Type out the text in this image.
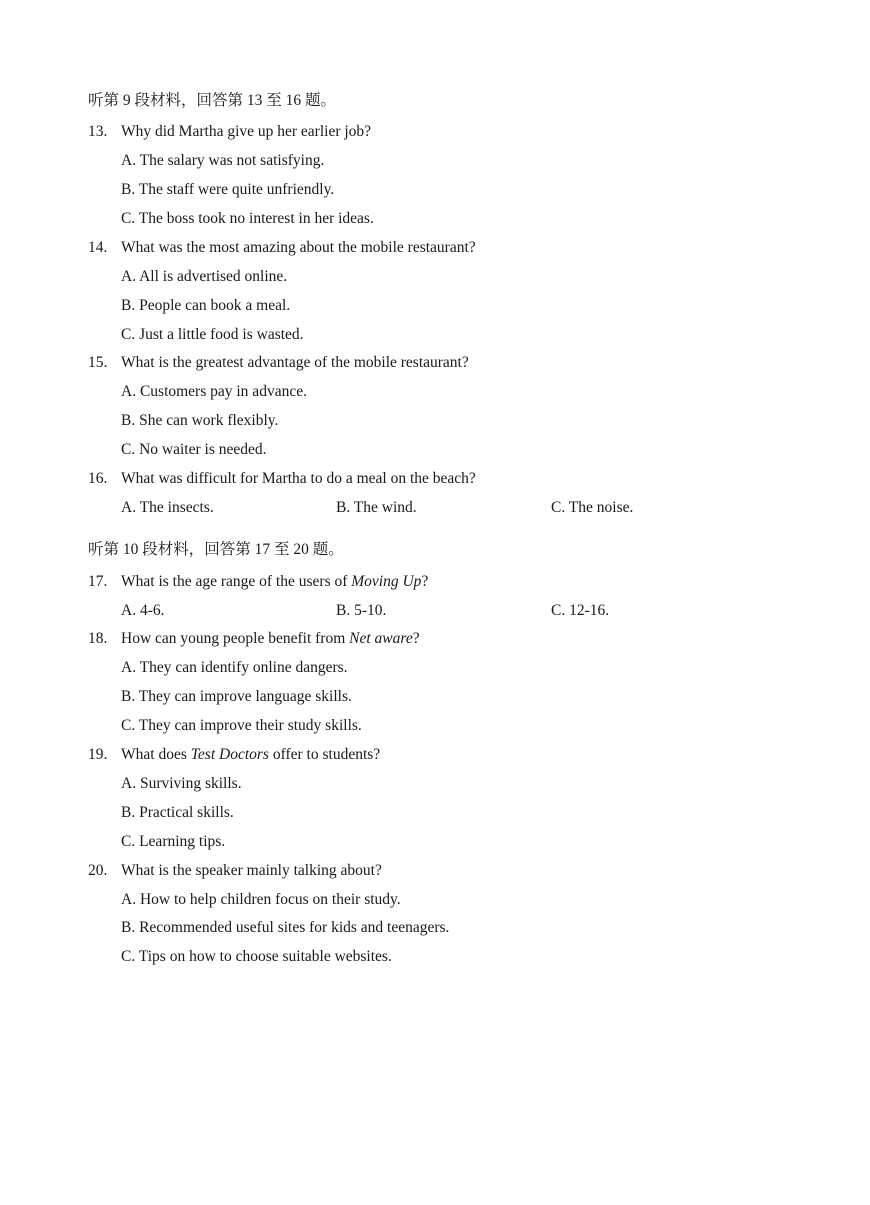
听第 9 段材料，回答第 13 至 16 题。
13. Why did Martha give up her earlier job?
A. The salary was not satisfying.
B. The staff were quite unfriendly.
C. The boss took no interest in her ideas.
14. What was the most amazing about the mobile restaurant?
A. All is advertised online.
B. People can book a meal.
C. Just a little food is wasted.
15. What is the greatest advantage of the mobile restaurant?
A. Customers pay in advance.
B. She can work flexibly.
C. No waiter is needed.
16. What was difficult for Martha to do a meal on the beach?
A. The insects.	B. The wind.	C. The noise.
听第 10 段材料，回答第 17 至 20 题。
17. What is the age range of the users of Moving Up?
A. 4-6.	B. 5-10.	C. 12-16.
18. How can young people benefit from Net aware?
A. They can identify online dangers.
B. They can improve language skills.
C. They can improve their study skills.
19. What does Test Doctors offer to students?
A. Surviving skills.
B. Practical skills.
C. Learning tips.
20. What is the speaker mainly talking about?
A. How to help children focus on their study.
B. Recommended useful sites for kids and teenagers.
C. Tips on how to choose suitable websites.
